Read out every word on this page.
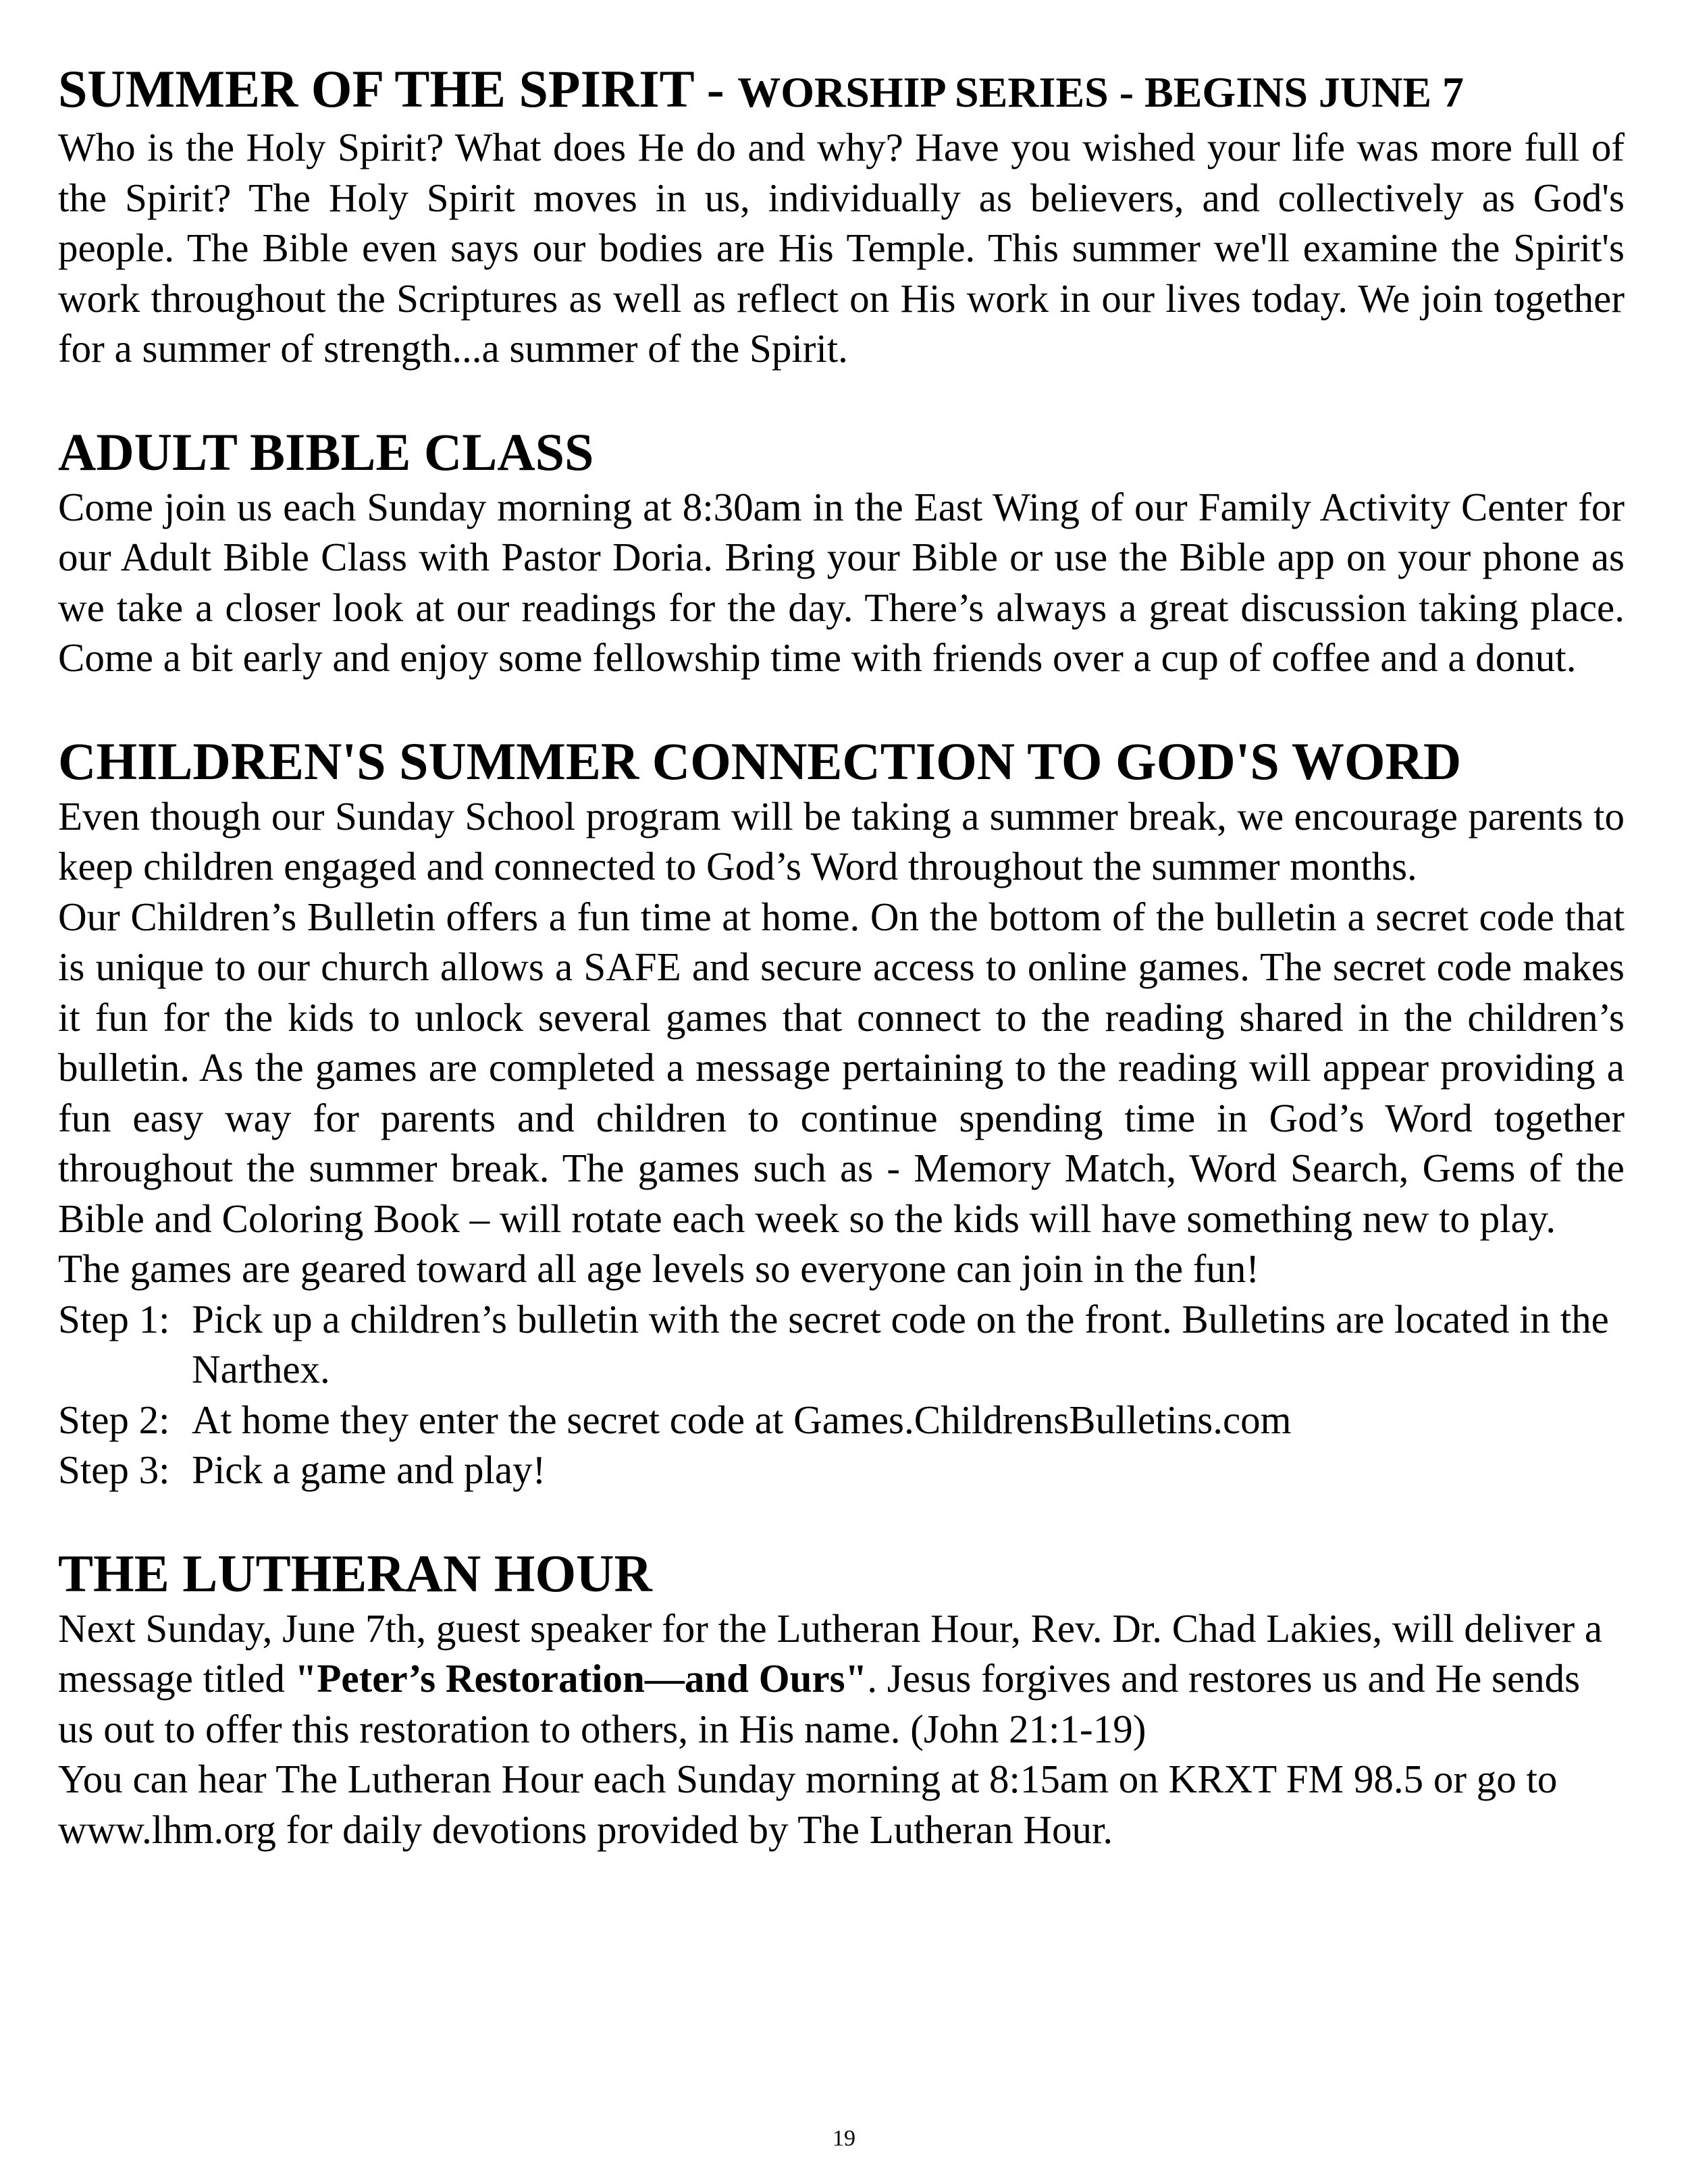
SUMMER OF THE SPIRIT - WORSHIP SERIES - BEGINS JUNE 7

Who is the Holy Spirit? What does He do and why? Have you wished your life was more full of the Spirit? The Holy Spirit moves in us, individually as believers, and collectively as God's people. The Bible even says our bodies are His Temple. This summer we'll examine the Spirit's work throughout the Scriptures as well as reflect on His work in our lives today. We join together for a summer of strength...a summer of the Spirit.

ADULT BIBLE CLASS

Come join us each Sunday morning at 8:30am in the East Wing of our Family Activity Center for our Adult Bible Class with Pastor Doria. Bring your Bible or use the Bible app on your phone as we take a closer look at our readings for the day. There’s always a great discussion taking place. Come a bit early and enjoy some fellowship time with friends over a cup of coffee and a donut.

CHILDREN'S SUMMER CONNECTION TO GOD'S WORD

Even though our Sunday School program will be taking a summer break, we encourage parents to keep children engaged and connected to God’s Word throughout the summer months.

Our Children’s Bulletin offers a fun time at home. On the bottom of the bulletin a secret code that is unique to our church allows a SAFE and secure access to online games. The secret code makes it fun for the kids to unlock several games that connect to the reading shared in the children’s bulletin. As the games are completed a message pertaining to the reading will appear providing a fun easy way for parents and children to continue spending time in God’s Word together throughout the summer break. The games such as - Memory Match, Word Search, Gems of the Bible and Coloring Book – will rotate each week so the kids will have something new to play.

The games are geared toward all age levels so everyone can join in the fun!

Step 1: Pick up a children’s bulletin with the secret code on the front. Bulletins are located in the Narthex.
Step 2: At home they enter the secret code at Games.ChildrensBulletins.com
Step 3: Pick a game and play!
THE LUTHERAN HOUR

Next Sunday, June 7th, guest speaker for the Lutheran Hour, Rev. Dr. Chad Lakies, will deliver a message titled "Peter’s Restoration—and Ours". Jesus forgives and restores us and He sends us out to offer this restoration to others, in His name. (John 21:1-19)

You can hear The Lutheran Hour each Sunday morning at 8:15am on KRXT FM 98.5 or go to www.lhm.org for daily devotions provided by The Lutheran Hour.

19
